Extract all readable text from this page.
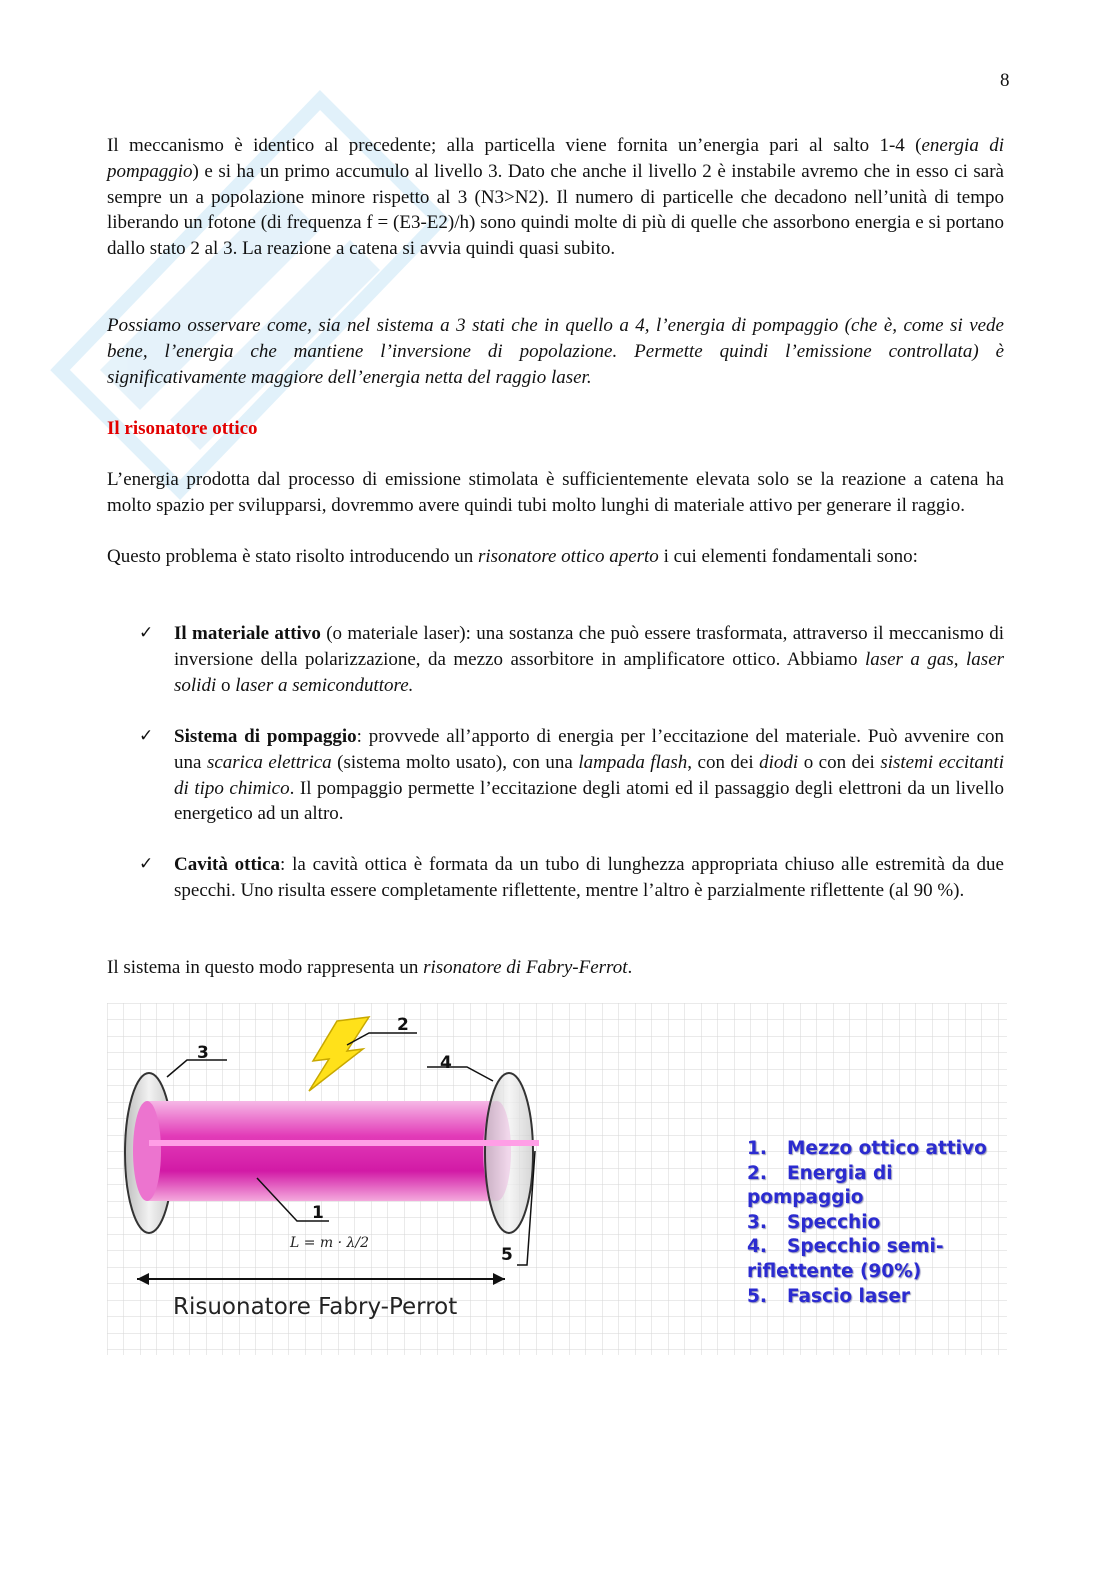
8

Il meccanismo è identico al precedente; alla particella viene fornita un’energia pari al salto 1-4 (energia di pompaggio) e si ha un primo accumulo al livello 3. Dato che anche il livello 2 è instabile avremo che in esso ci sarà sempre un a popolazione minore rispetto al 3 (N3>N2). Il numero di particelle che decadono nell’unità di tempo liberando un fotone (di frequenza f = (E3-E2)/h) sono quindi molte di più di quelle che assorbono energia e si portano dallo stato 2 al 3. La reazione a catena si avvia quindi quasi subito.

Possiamo osservare come, sia nel sistema a 3 stati che in quello a 4, l’energia di pompaggio (che è, come si vede bene, l’energia che mantiene l’inversione di popolazione. Permette quindi l’emissione controllata) è significativamente maggiore dell’energia netta del raggio laser.

Il risonatore ottico

L’energia prodotta dal processo di emissione stimolata è sufficientemente elevata solo se la reazione a catena ha molto spazio per svilupparsi, dovremmo avere quindi tubi molto lunghi di materiale attivo per generare il raggio.

Questo problema è stato risolto introducendo un risonatore ottico aperto i cui elementi fondamentali sono:

✓ Il materiale attivo (o materiale laser): una sostanza che può essere trasformata, attraverso il meccanismo di inversione della polarizzazione, da mezzo assorbitore in amplificatore ottico. Abbiamo laser a gas, laser solidi o laser a semiconduttore.

✓ Sistema di pompaggio: provvede all’apporto di energia per l’eccitazione del materiale. Può avvenire con una scarica elettrica (sistema molto usato), con una lampada flash, con dei diodi o con dei sistemi eccitanti di tipo chimico. Il pompaggio permette l’eccitazione degli atomi ed il passaggio degli elettroni da un livello energetico ad un altro.

✓ Cavità ottica: la cavità ottica è formata da un tubo di lunghezza appropriata chiuso alle estremità da due specchi. Uno risulta essere completamente riflettente, mentre l’altro è parzialmente riflettente (al 90 %).

Il sistema in questo modo rappresenta un risonatore di Fabry-Ferrot.

3
2
4
1
5
L = m · λ/2
Risuonatore Fabry-Perrot
1. Mezzo ottico attivo
2. Energia di pompaggio
3. Specchio
4. Specchio semi-riflettente (90%)
5. Fascio laser
